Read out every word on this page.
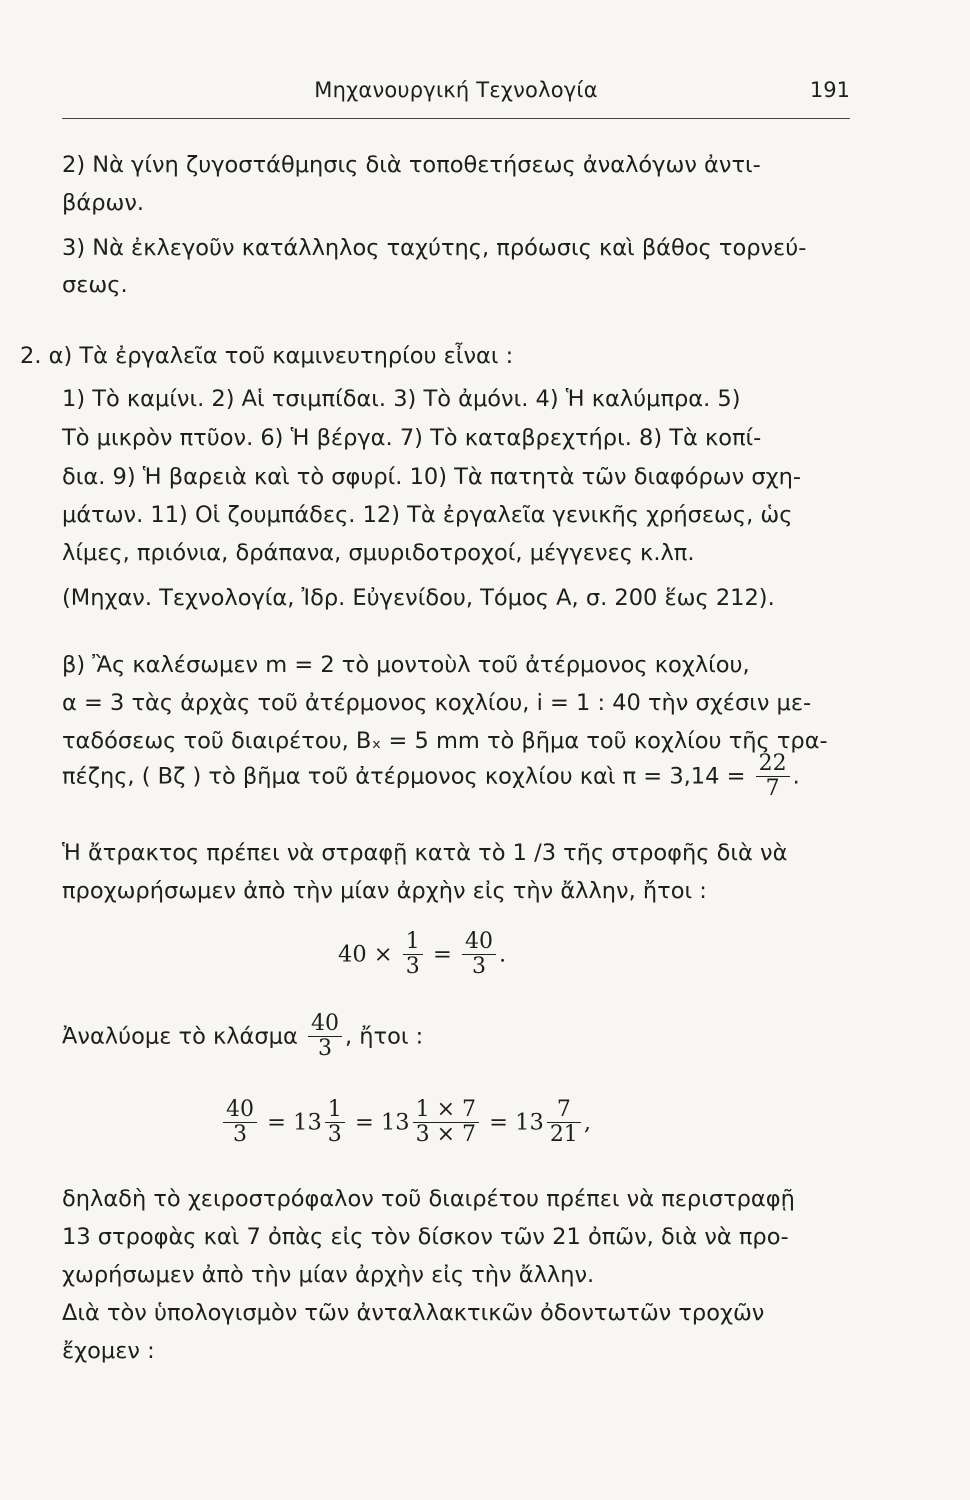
Μηχανουργική Τεχνολογία	191
2) Νὰ γίνη ζυγοστάθμησις διὰ τοποθετήσεως ἀναλόγων ἀντι-
βάρων.
3) Νὰ ἐκλεγοῦν κατάλληλος ταχύτης, πρόωσις καὶ βάθος τορνεύ-
σεως.
2. α) Τὰ ἐργαλεῖα τοῦ καμινευτηρίου εἶναι :
1) Τὸ καμίνι. 2) Αἱ τσιμπίδαι. 3) Τὸ ἀμόνι. 4) Ἡ καλύμπρα. 5)
Τὸ μικρὸν πτῦον. 6) Ἡ βέργα. 7) Τὸ καταβρεχτήρι. 8) Τὰ κοπί-
δια. 9) Ἡ βαρειὰ καὶ τὸ σφυρί. 10) Τὰ πατητὰ τῶν διαφόρων σχη-
μάτων. 11) Οἱ ζουμπάδες. 12) Τὰ ἐργαλεῖα γενικῆς χρήσεως, ὡς
λίμες, πριόνια, δράπανα, σμυριδοτροχοί, μέγγενες κ.λπ.
(Μηχαν. Τεχνολογία, Ἰδρ. Εὐγενίδου, Τόμος Α, σ. 200 ἕως 212).
β) Ἂς καλέσωμεν m = 2 τὸ μοντοὺλ τοῦ ἀτέρμονος κοχλίου,
α = 3 τὰς ἀρχὰς τοῦ ἀτέρμονος κοχλίου, i = 1 : 40 τὴν σχέσιν με-
ταδόσεως τοῦ διαιρέτου, Bₓ = 5 mm τὸ βῆμα τοῦ κοχλίου τῆς τρα-
πέζης, ( Bζ ) τὸ βῆμα τοῦ ἀτέρμονος κοχλίου καὶ $\pi = 3,14 = \frac{22}{7}$ .
Ἡ ἄτρακτος πρέπει νὰ στραφῇ κατὰ τὸ 1 /3 τῆς στροφῆς διὰ νὰ
προχωρήσωμεν ἀπὸ τὴν μίαν ἀρχὴν εἰς τὴν ἄλλην, ἤτοι :
$40 \times \frac{1}{3} = \frac{40}{3}$ .
Ἀναλύομε τὸ κλάσμα $\frac{40}{3}$ , ἤτοι :
$\frac{40}{3} = 13 \frac{1}{3} = 13 \frac{1 \times 7}{3 \times 7} = 13 \frac{7}{21}$ ,
δηλαδὴ τὸ χειροστρόφαλον τοῦ διαιρέτου πρέπει νὰ περιστραφῇ
13 στροφὰς καὶ 7 ὀπὰς εἰς τὸν δίσκον τῶν 21 ὀπῶν, διὰ νὰ προ-
χωρήσωμεν ἀπὸ τὴν μίαν ἀρχὴν εἰς τὴν ἄλλην.
Διὰ τὸν ὑπολογισμὸν τῶν ἀνταλλακτικῶν ὀδοντωτῶν τροχῶν
ἔχομεν :
